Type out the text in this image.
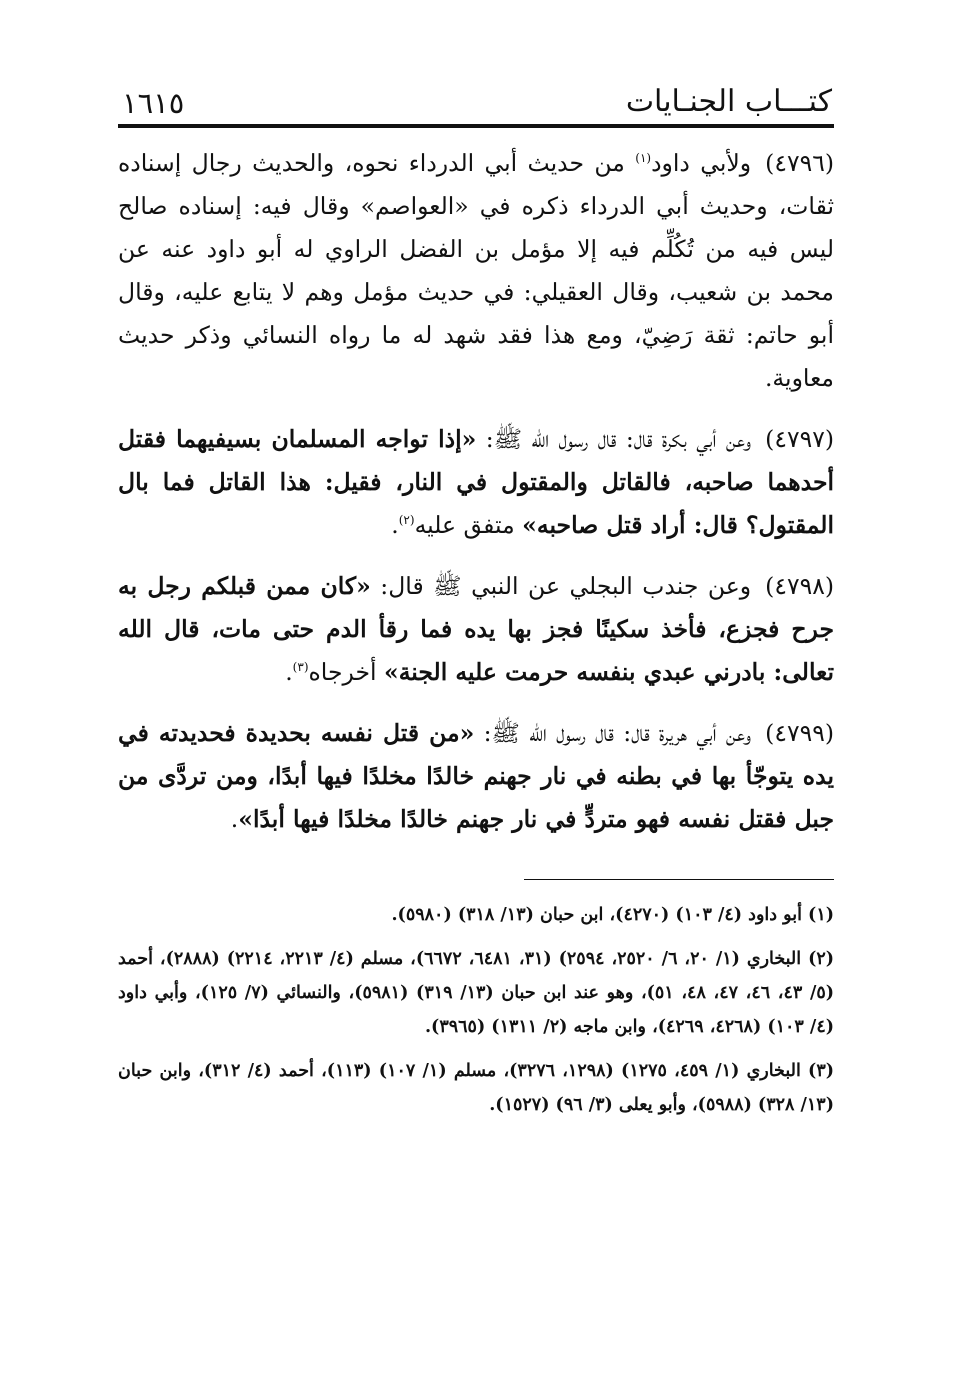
كتـــاب الجنـايات
١٦١٥
(٤٧٩٦)ولأبي داود$^{(١)}$ من حديث أبي الدرداء نحوه، والحديث رجال إسناده ثقات، وحديث أبي الدرداء ذكره في «العواصم» وقال فيه: إسناده صالح ليس فيه من تُكُلِّم فيه إلا مؤمل بن الفضل الراوي له أبو داود عنه عن محمد بن شعيب، وقال العقيلي: في حديث مؤمل وهم لا يتابع عليه، وقال أبو حاتم: ثقة رَضِيّ، ومع هذا فقد شهد له ما رواه النسائي وذكر حديث معاوية.
(٤٧٩٧)وعن أبي بكرة قال: قال رسول الله ﷺ: «إذا تواجه المسلمان بسيفيهما فقتل أحدهما صاحبه، فالقاتل والمقتول في النار، فقيل: هذا القاتل فما بال المقتول؟ قال: أراد قتل صاحبه» متفق عليه$^{(٢)}$.
(٤٧٩٨)وعن جندب البجلي عن النبي ﷺ قال: «كان ممن قبلكم رجل به جرح فجزع، فأخذ سكينًا فجز بها يده فما رقأ الدم حتى مات، قال الله تعالى: بادرني عبدي بنفسه حرمت عليه الجنة» أخرجاه$^{(٣)}$.
(٤٧٩٩)وعن أبي هريرة قال: قال رسول الله ﷺ: «من قتل نفسه بحديدة فحديدته في يده يتوجّأ بها في بطنه في نار جهنم خالدًا مخلدًا فيها أبدًا، ومن تردَّى من جبل فقتل نفسه فهو متردٍّ في نار جهنم خالدًا مخلدًا فيها أبدًا».
(١) أبو داود (٤/ ١٠٣) (٤٢٧٠)، ابن حبان (١٣/ ٣١٨) (٥٩٨٠).
(٢) البخاري (١/ ٢٠، ٦/ ٢٥٢٠، ٢٥٩٤) (٣١، ٦٤٨١، ٦٦٧٢)، مسلم (٤/ ٢٢١٣، ٢٢١٤) (٢٨٨٨)، أحمد (٥/ ٤٣، ٤٦، ٤٧، ٤٨، ٥١)، وهو عند ابن حبان (١٣/ ٣١٩) (٥٩٨١)، والنسائي (٧/ ١٢٥)، وأبي داود (٤/ ١٠٣) (٤٢٦٨، ٤٢٦٩)، وابن ماجه (٢/ ١٣١١) (٣٩٦٥).
(٣) البخاري (١/ ٤٥٩، ١٢٧٥) (١٢٩٨، ٣٢٧٦)، مسلم (١/ ١٠٧) (١١٣)، أحمد (٤/ ٣١٢)، وابن حبان (١٣/ ٣٢٨) (٥٩٨٨)، وأبو يعلى (٣/ ٩٦) (١٥٢٧).
